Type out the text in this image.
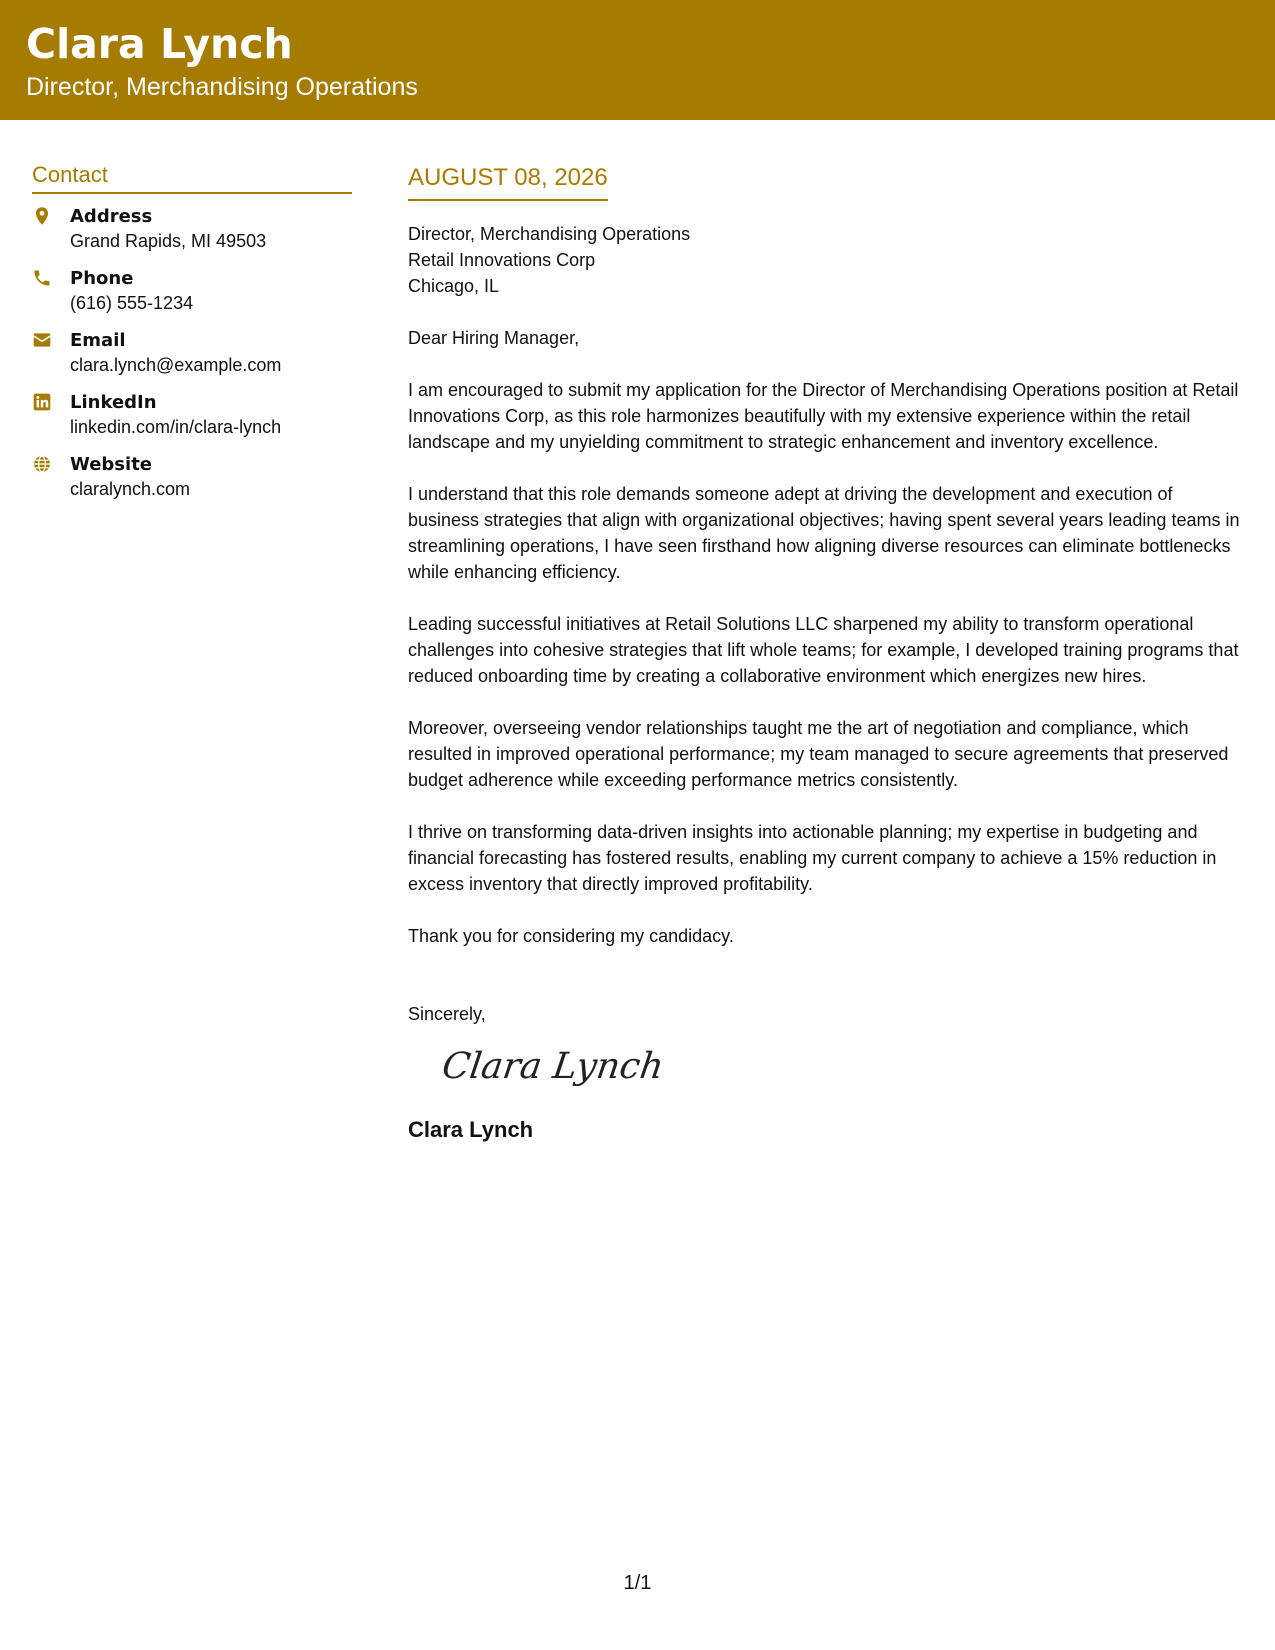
Clara Lynch
Director, Merchandising Operations
Contact
Address
Grand Rapids, MI 49503
Phone
(616) 555-1234
Email
clara.lynch@example.com
LinkedIn
linkedin.com/in/clara-lynch
Website
claralynch.com
AUGUST 08, 2026
Director, Merchandising Operations
Retail Innovations Corp
Chicago, IL
Dear Hiring Manager,
I am encouraged to submit my application for the Director of Merchandising Operations position at Retail Innovations Corp, as this role harmonizes beautifully with my extensive experience within the retail landscape and my unyielding commitment to strategic enhancement and inventory excellence.
I understand that this role demands someone adept at driving the development and execution of business strategies that align with organizational objectives; having spent several years leading teams in streamlining operations, I have seen firsthand how aligning diverse resources can eliminate bottlenecks while enhancing efficiency.
Leading successful initiatives at Retail Solutions LLC sharpened my ability to transform operational challenges into cohesive strategies that lift whole teams; for example, I developed training programs that reduced onboarding time by creating a collaborative environment which energizes new hires.
Moreover, overseeing vendor relationships taught me the art of negotiation and compliance, which resulted in improved operational performance; my team managed to secure agreements that preserved budget adherence while exceeding performance metrics consistently.
I thrive on transforming data-driven insights into actionable planning; my expertise in budgeting and financial forecasting has fostered results, enabling my current company to achieve a 15% reduction in excess inventory that directly improved profitability.
Thank you for considering my candidacy.
Sincerely,
Clara Lynch
Clara Lynch
1/1
